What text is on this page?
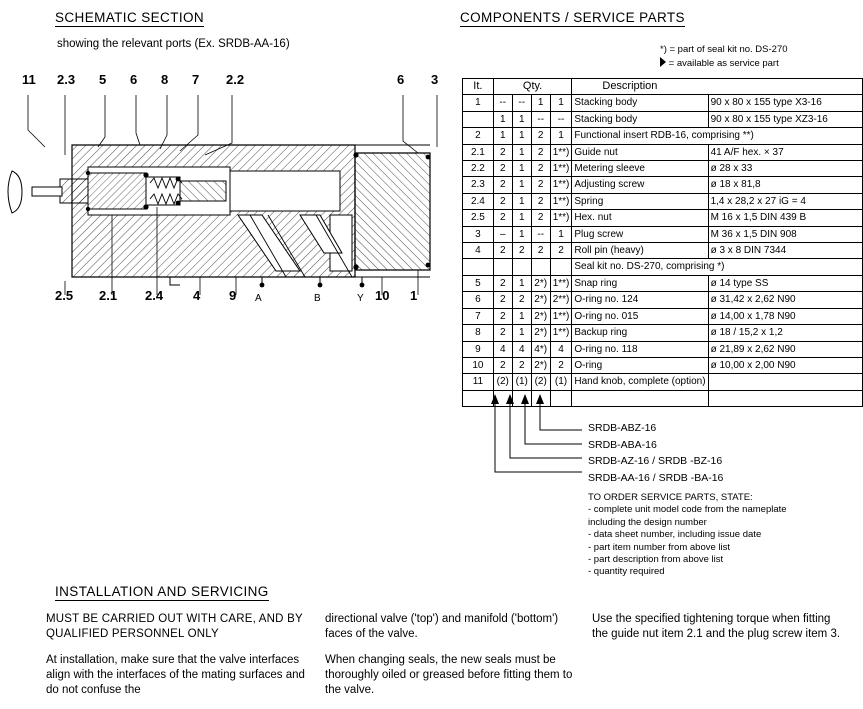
SCHEMATIC SECTION
showing the relevant ports (Ex. SRDB-AA-16)
11 2.3 5 6 8 7 2.2	6 3
2.5 2.1 2.4 4 9	10 1
A	B	Y
COMPONENTS / SERVICE PARTS
*) = part of seal kit no. DS-270
= available as service part
It.	Qty.				Description	
1	--	--	1	1	Stacking body	90 x 80 x 155 type X3-16
	1	1	--	--	Stacking body	90 x 80 x 155 type XZ3-16
2	1	1	2	1	Functional insert RDB-16, comprising **)	
2.1	2	1	2	1**)	Guide nut	41 A/F hex. × 37
2.2	2	1	2	1**)	Metering sleeve	ø 28 x 33
2.3	2	1	2	1**)	Adjusting screw	ø 18 x 81,8
2.4	2	1	2	1**)	Spring	1,4 x 28,2 x 27 iG = 4
2.5	2	1	2	1**)	Hex. nut	M 16 x 1,5 DIN 439 B
3	–	1	--	1	Plug screw	M 36 x 1,5 DIN 908
4	2	2	2	2	Roll pin (heavy)	ø 3 x 8 DIN 7344
					Seal kit no. DS-270, comprising *)	
5	2	1	2*)	1**)	Snap ring	ø 14 type SS
6	2	2	2*)	2**)	O-ring no. 124	ø 31,42 x 2,62 N90
7	2	1	2*)	1**)	O-ring no. 015	ø 14,00 x 1,78 N90
8	2	1	2*)	1**)	Backup ring	ø 18 / 15,2 x 1,2
9	4	4	4*)	4	O-ring no. 118	ø 21,89 x 2,62 N90
10	2	2	2*)	2	O-ring	ø 10,00 x 2,00 N90
11	(2)	(1)	(2)	(1)	Hand knob, complete (option)	

SRDB-ABZ-16
SRDB-ABA-16
SRDB-AZ-16 / SRDB -BZ-16
SRDB-AA-16 / SRDB -BA-16
TO ORDER SERVICE PARTS, STATE:
- complete unit model code from the nameplate
including the design number
- data sheet number, including issue date
- part item number from above list
- part description from above list
- quantity required
INSTALLATION AND SERVICING

MUST BE CARRIED OUT WITH CARE, AND BY QUALIFIED PERSONNEL ONLY

At installation, make sure that the valve interfaces align with the interfaces of the mating surfaces and do not confuse the

directional valve ('top') and manifold ('bottom') faces of the valve.

When changing seals, the new seals must be thoroughly oiled or greased before fitting them to the valve.

Use the specified tightening torque when fitting the guide nut item 2.1 and the plug screw item 3.
